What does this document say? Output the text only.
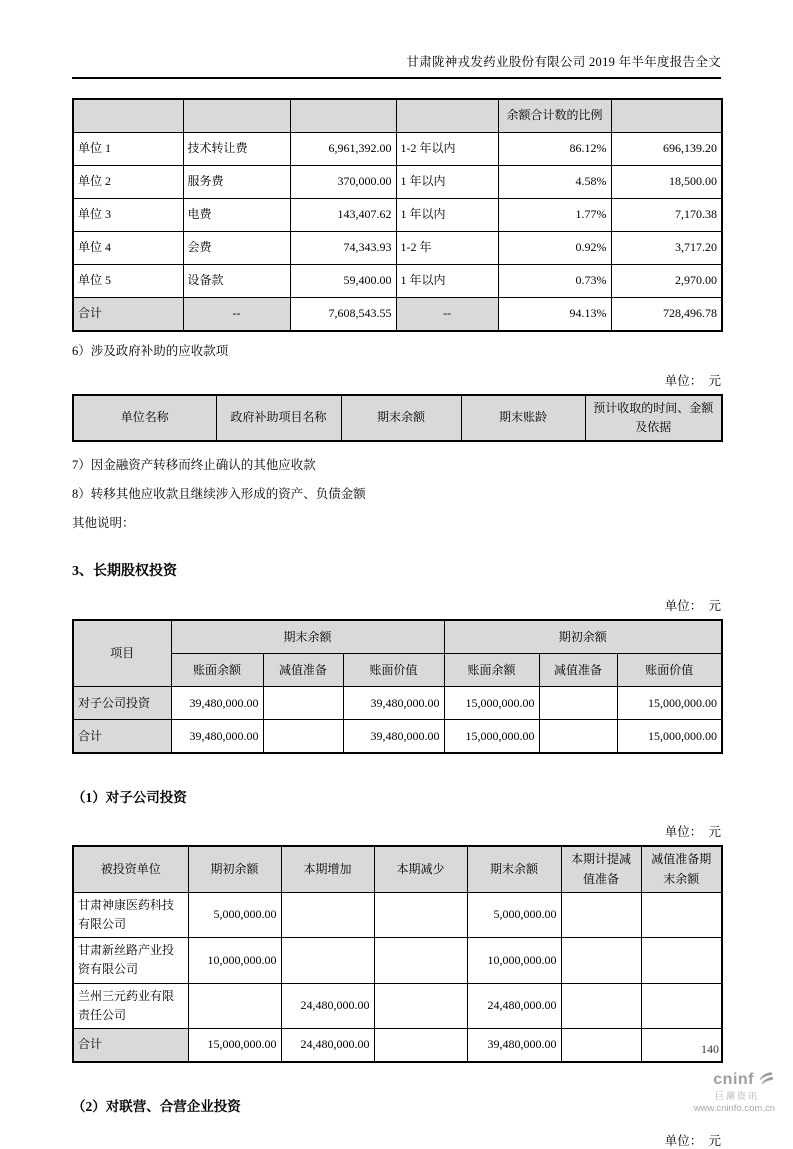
甘肃陇神戎发药业股份有限公司 2019 年半年度报告全文
				余额合计数的比例	
单位 1	技术转让费	6,961,392.00	1-2 年以内	86.12%	696,139.20
单位 2	服务费	370,000.00	1 年以内	4.58%	18,500.00
单位 3	电费	143,407.62	1 年以内	1.77%	7,170.38
单位 4	会费	74,343.93	1-2 年	0.92%	3,717.20
单位 5	设备款	59,400.00	1 年以内	0.73%	2,970.00
合计	--	7,608,543.55	--	94.13%	728,496.78

6）涉及政府补助的应收款项

单位：　元
单位名称	政府补助项目名称	期末余额	期末账龄	预计收取的时间、金额及依据

7）因金融资产转移而终止确认的其他应收款

8）转移其他应收款且继续涉入形成的资产、负债金额

其他说明：

3、长期股权投资
单位：　元
项目	期末余额			期初余额		
	账面余额	减值准备	账面价值	账面余额	减值准备	账面价值
对子公司投资	39,480,000.00		39,480,000.00	15,000,000.00		15,000,000.00
合计	39,480,000.00		39,480,000.00	15,000,000.00		15,000,000.00
（1）对子公司投资
单位：　元
被投资单位	期初余额	本期增加	本期减少	期末余额	本期计提减值准备	减值准备期末余额
甘肃神康医药科技有限公司	5,000,000.00			5,000,000.00		
甘肃新丝路产业投资有限公司	10,000,000.00			10,000,000.00		
兰州三元药业有限责任公司		24,480,000.00		24,480,000.00		
合计	15,000,000.00	24,480,000.00		39,480,000.00		
（2）对联营、合营企业投资
单位：　元
140
cninf
巨潮资讯
www.cninfo.com.cn
